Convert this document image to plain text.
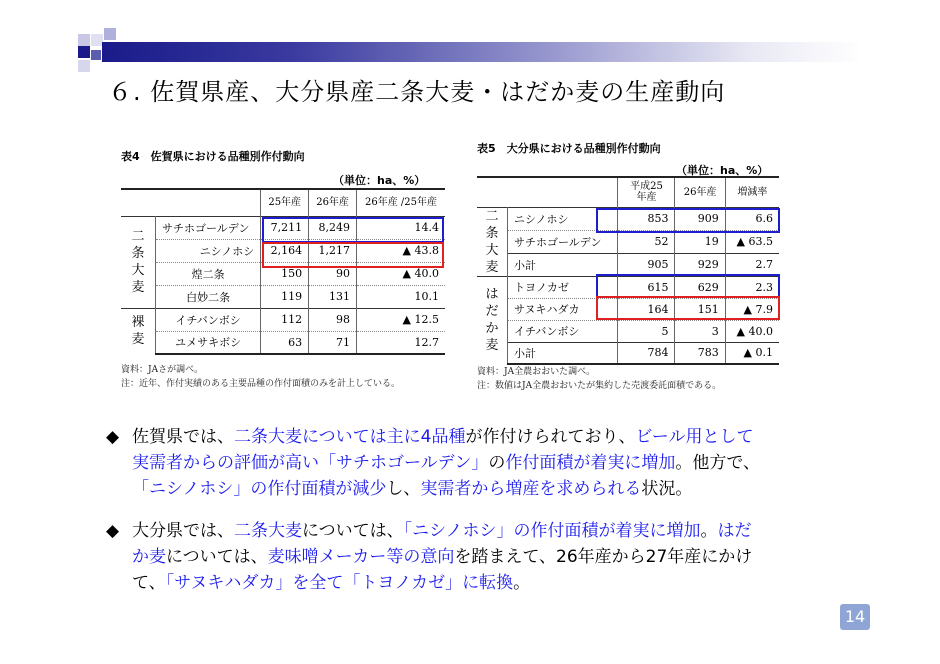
６. 佐賀県産、大分県産二条大麦・はだか麦の生産動向
表4　佐賀県における品種別作付動向
（単位：ha、%）
		25年産	26年産	26年産 /25年産
二
条
大
麦	サチホゴールデン	7,211	8,249	14.4
	ニシノホシ	2,164	1,217	▲ 43.8
	煌二条	150	90	▲ 40.0
	白妙二条	119	131	10.1
裸
麦	イチバンボシ	112	98	▲ 12.5
	ユメサキボシ	63	71	12.7
資料：JAさが調べ。
注：近年、作付実績のある主要品種の作付面積のみを計上している。
表5　大分県における品種別作付動向
（単位：ha、%）
		平成25 年産	26年産	増減率
二
条
大
麦	ニシノホシ	853	909	6.6
	サチホゴールデン	52	19	▲ 63.5
	小計	905	929	2.7
は
だ
か
麦	トヨノカゼ	615	629	2.3
	サヌキハダカ	164	151	▲ 7.9
	イチバンボシ	5	3	▲ 40.0
	小計	784	783	▲ 0.1
資料：JA全農おおいた調べ。
注：数値はJA全農おおいたが集約した売渡委託面積である。
◆ 佐賀県では、二条大麦については主に4品種が作付けられており、ビール用として
実需者からの評価が高い「サチホゴールデン」の作付面積が着実に増加。他方で、
「ニシノホシ」の作付面積が減少し、実需者から増産を求められる状況。
◆ 大分県では、二条大麦については、「ニシノホシ」の作付面積が着実に増加。はだ
か麦については、麦味噌メーカー等の意向を踏まえて、26年産から27年産にかけ
て、「サヌキハダカ」を全て「トヨノカゼ」に転換。
14
